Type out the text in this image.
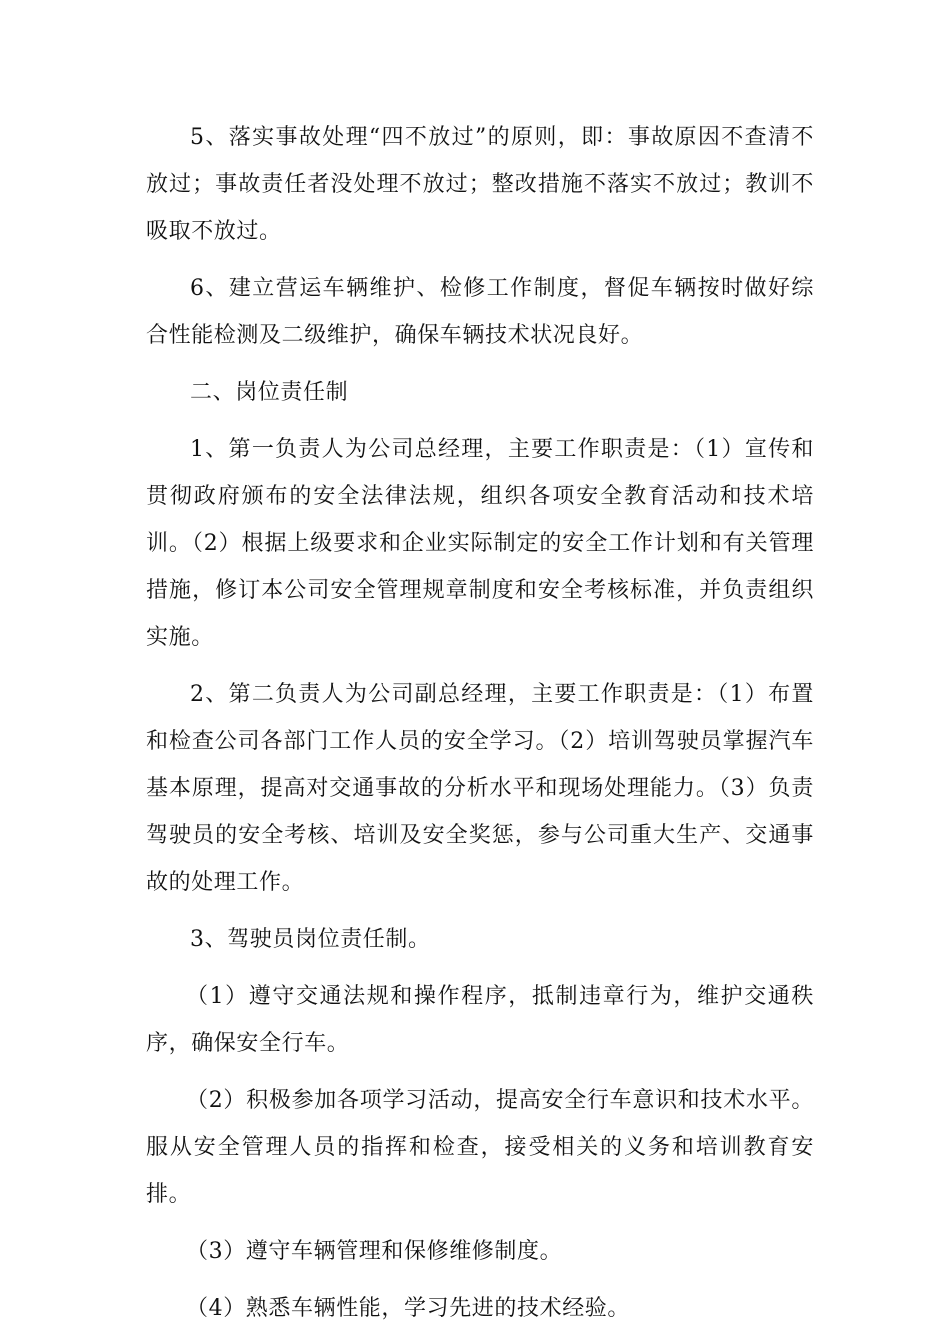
5、落实事故处理“四不放过”的原则，即：事故原因不查清不放过；事故责任者没处理不放过；整改措施不落实不放过；教训不吸取不放过。

6、建立营运车辆维护、检修工作制度，督促车辆按时做好综合性能检测及二级维护，确保车辆技术状况良好。

二、岗位责任制

1、第一负责人为公司总经理，主要工作职责是：（1）宣传和贯彻政府颁布的安全法律法规，组织各项安全教育活动和技术培训。（2）根据上级要求和企业实际制定的安全工作计划和有关管理措施，修订本公司安全管理规章制度和安全考核标准，并负责组织实施。

2、第二负责人为公司副总经理，主要工作职责是：（1）布置和检查公司各部门工作人员的安全学习。（2）培训驾驶员掌握汽车基本原理，提高对交通事故的分析水平和现场处理能力。（3）负责驾驶员的安全考核、培训及安全奖惩，参与公司重大生产、交通事故的处理工作。

3、驾驶员岗位责任制。

（1）遵守交通法规和操作程序，抵制违章行为，维护交通秩序，确保安全行车。

（2）积极参加各项学习活动，提高安全行车意识和技术水平。服从安全管理人员的指挥和检查，接受相关的义务和培训教育安排。

（3）遵守车辆管理和保修维修制度。

（4）熟悉车辆性能，学习先进的技术经验。
